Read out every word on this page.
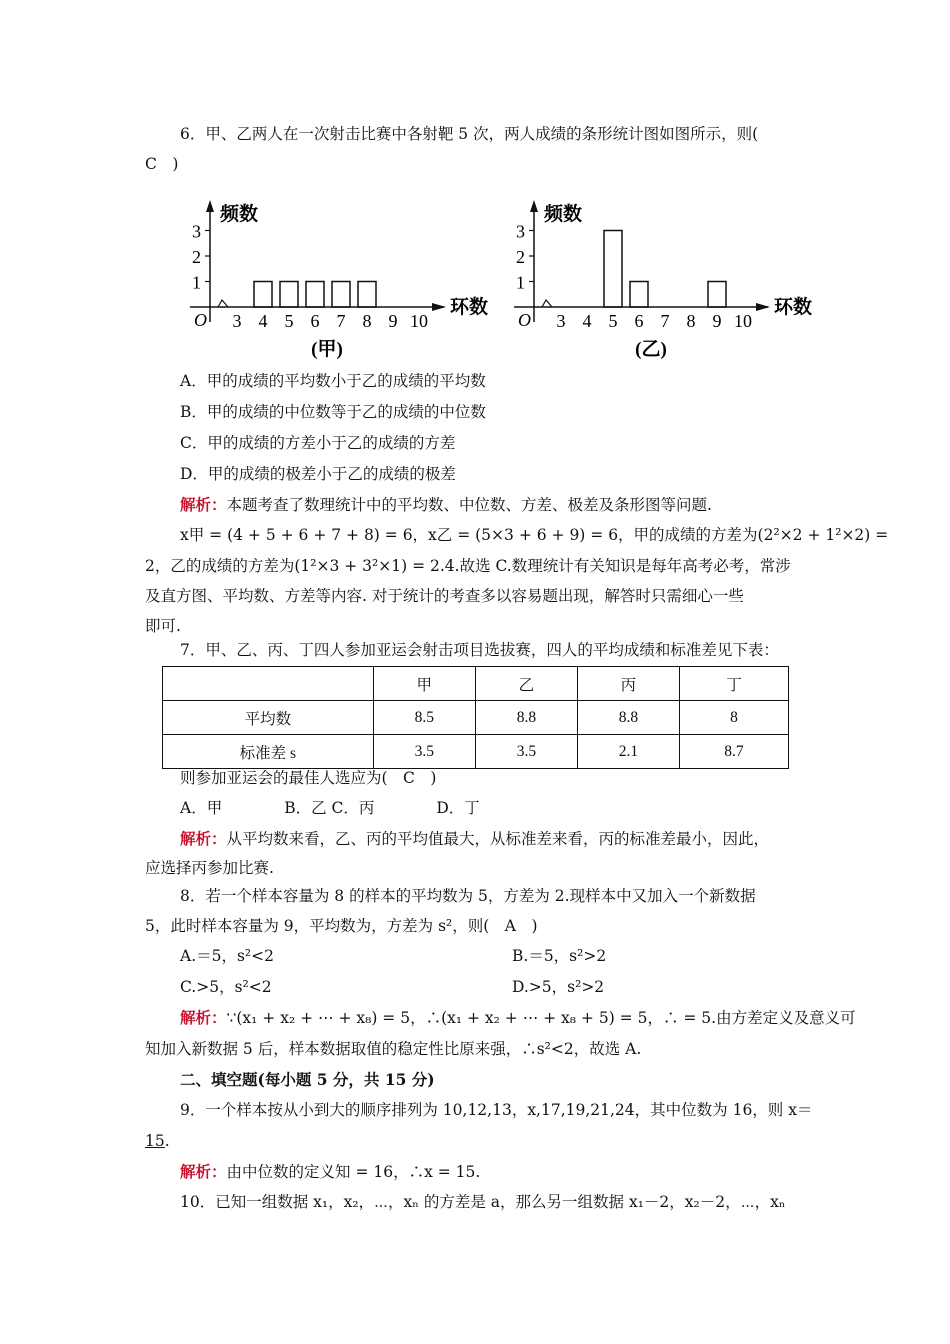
6．甲、乙两人在一次射击比赛中各射靶 5 次，两人成绩的条形统计图如图所示，则(
C　)
频数
环数
O
1
2
3
3 4 5 6 7 8 9 10
(甲)
频数
环数
O
1
2
3
3 4 5 6 7 8 9 10
(乙)
A．甲的成绩的平均数小于乙的成绩的平均数
B．甲的成绩的中位数等于乙的成绩的中位数
C．甲的成绩的方差小于乙的成绩的方差
D．甲的成绩的极差小于乙的成绩的极差
解析：本题考查了数理统计中的平均数、中位数、方差、极差及条形图等问题.
x甲 = (4 + 5 + 6 + 7 + 8) = 6，x乙 = (5×3 + 6 + 9) = 6，甲的成绩的方差为(2²×2 + 1²×2) =
2，乙的成绩的方差为(1²×3 + 3²×1) = 2.4.故选 C.数理统计有关知识是每年高考必考，常涉
及直方图、平均数、方差等内容. 对于统计的考查多以容易题出现，解答时只需细心一些
即可.
7．甲、乙、丙、丁四人参加亚运会射击项目选拔赛，四人的平均成绩和标准差见下表：
	甲	乙	丙	丁
平均数	8.5	8.8	8.8	8
标准差 s	3.5	3.5	2.1	8.7
则参加亚运会的最佳人选应为(　C　)
A．甲　　　　B．乙 C．丙　　　　D．丁
解析：从平均数来看，乙、丙的平均值最大，从标准差来看，丙的标准差最小，因此，
应选择丙参加比赛.
8．若一个样本容量为 8 的样本的平均数为 5，方差为 2.现样本中又加入一个新数据
5，此时样本容量为 9，平均数为，方差为 s²，则(　A　)
A.＝5，s²<2	B.＝5，s²>2
C.>5，s²<2	D.>5，s²>2
解析：∵(x₁ + x₂ + ⋯ + x₈) = 5，∴(x₁ + x₂ + ⋯ + x₈ + 5) = 5，∴ = 5.由方差定义及意义可
知加入新数据 5 后，样本数据取值的稳定性比原来强，∴s²<2，故选 A.
二、填空题(每小题 5 分，共 15 分)
9．一个样本按从小到大的顺序排列为 10,12,13，x,17,19,21,24，其中位数为 16，则 x＝
15.
解析：由中位数的定义知 = 16，∴x = 15.
10．已知一组数据 x₁，x₂，⋯，xₙ 的方差是 a，那么另一组数据 x₁－2，x₂－2，⋯，xₙ
